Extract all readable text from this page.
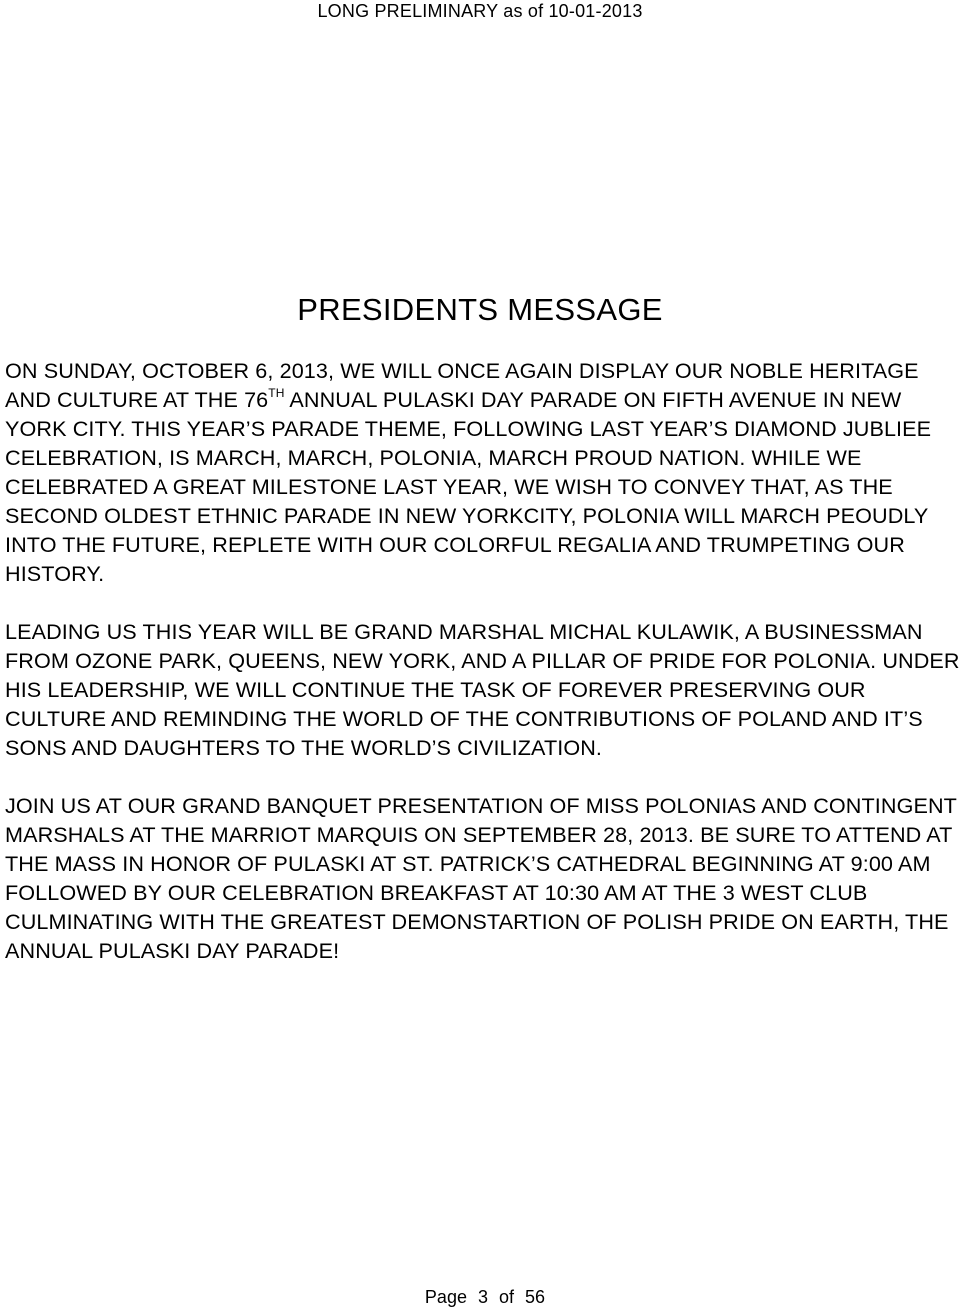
LONG PRELIMINARY as of 10-01-2013
PRESIDENTS MESSAGE

ON SUNDAY, OCTOBER 6, 2013, WE WILL ONCE AGAIN DISPLAY OUR NOBLE HERITAGE AND CULTURE AT THE 76TH ANNUAL PULASKI DAY PARADE ON FIFTH AVENUE IN NEW YORK CITY. THIS YEAR’S PARADE THEME, FOLLOWING LAST YEAR’S DIAMOND JUBLIEE CELEBRATION, IS MARCH, MARCH, POLONIA, MARCH PROUD NATION. WHILE WE CELEBRATED A GREAT MILESTONE LAST YEAR, WE WISH TO CONVEY THAT, AS THE SECOND OLDEST ETHNIC PARADE IN NEW YORKCITY, POLONIA WILL MARCH PEOUDLY INTO THE FUTURE, REPLETE WITH OUR COLORFUL REGALIA AND TRUMPETING OUR HISTORY.

LEADING US THIS YEAR WILL BE GRAND MARSHAL MICHAL KULAWIK, A BUSINESSMAN FROM OZONE PARK, QUEENS, NEW YORK, AND A PILLAR OF PRIDE FOR POLONIA. UNDER HIS LEADERSHIP, WE WILL CONTINUE THE TASK OF FOREVER PRESERVING OUR CULTURE AND REMINDING THE WORLD OF THE CONTRIBUTIONS OF POLAND AND IT’S SONS AND DAUGHTERS TO THE WORLD’S CIVILIZATION.

JOIN US AT OUR GRAND BANQUET PRESENTATION OF MISS POLONIAS AND CONTINGENT MARSHALS AT THE MARRIOT MARQUIS ON SEPTEMBER 28, 2013. BE SURE TO ATTEND AT THE MASS IN HONOR OF PULASKI AT ST. PATRICK’S CATHEDRAL BEGINNING AT 9:00 AM FOLLOWED BY OUR CELEBRATION BREAKFAST AT 10:30 AM AT THE 3 WEST CLUB CULMINATING WITH THE GREATEST DEMONSTARTION OF POLISH PRIDE ON EARTH, THE ANNUAL PULASKI DAY PARADE!

Page 3 of 56
